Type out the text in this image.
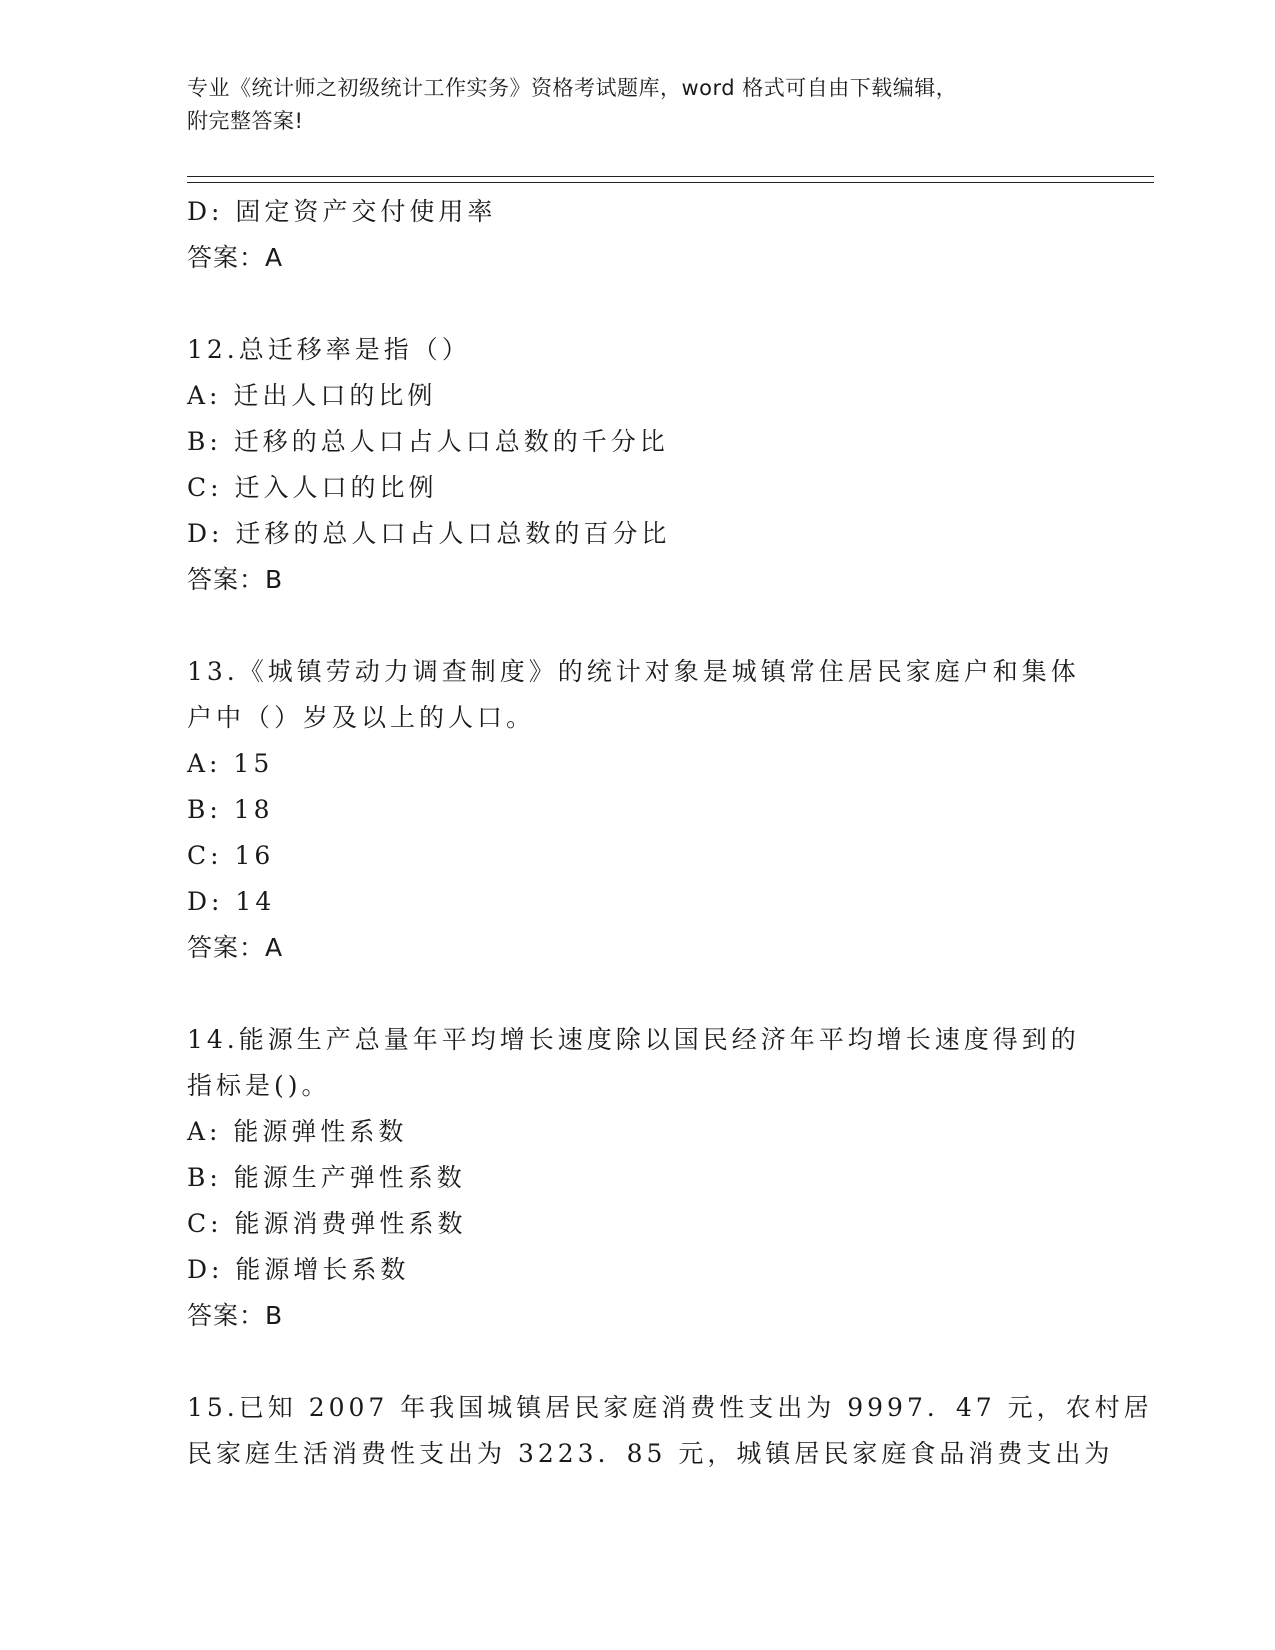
专业《统计师之初级统计工作实务》资格考试题库，word 格式可自由下载编辑，
附完整答案!
D: 固定资产交付使用率
答案：A
12.总迁移率是指（）
A: 迁出人口的比例
B: 迁移的总人口占人口总数的千分比
C: 迁入人口的比例
D: 迁移的总人口占人口总数的百分比
答案：B
13.《城镇劳动力调查制度》的统计对象是城镇常住居民家庭户和集体
户中（）岁及以上的人口。
A: 15
B: 18
C: 16
D: 14
答案：A
14.能源生产总量年平均增长速度除以国民经济年平均增长速度得到的
指标是()。
A: 能源弹性系数
B: 能源生产弹性系数
C: 能源消费弹性系数
D: 能源增长系数
答案：B
15.已知 2007 年我国城镇居民家庭消费性支出为 9997．47 元，农村居
民家庭生活消费性支出为 3223．85 元，城镇居民家庭食品消费支出为
